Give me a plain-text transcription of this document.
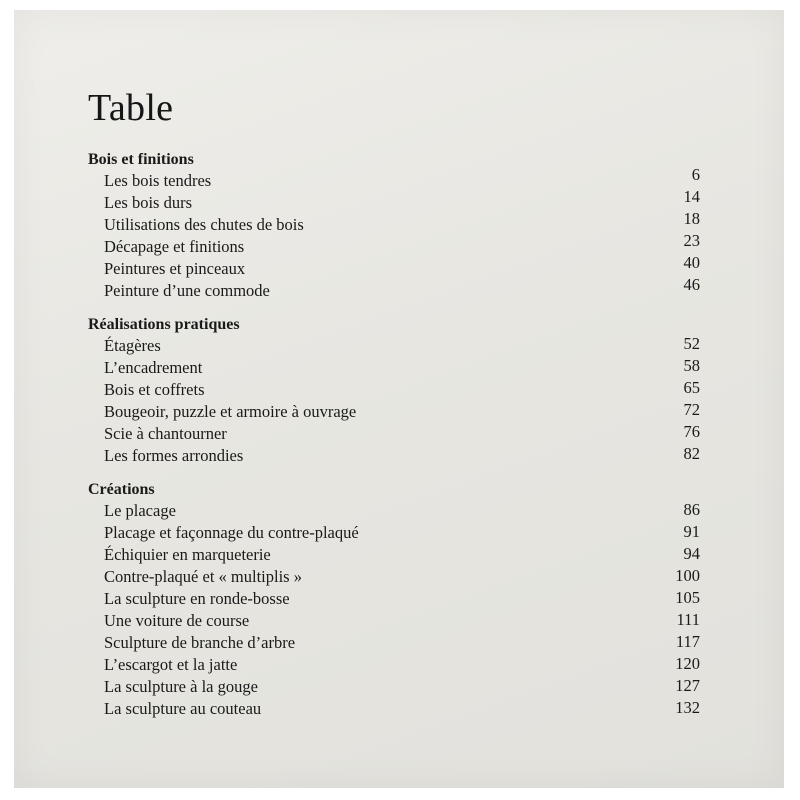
Table
Bois et finitions
Les bois tendres	6
Les bois durs	14
Utilisations des chutes de bois	18
Décapage et finitions	23
Peintures et pinceaux	40
Peinture d’une commode	46
Réalisations pratiques
Étagères	52
L’encadrement	58
Bois et coffrets	65
Bougeoir, puzzle et armoire à ouvrage	72
Scie à chantourner	76
Les formes arrondies	82
Créations
Le placage	86
Placage et façonnage du contre-plaqué	91
Échiquier en marqueterie	94
Contre-plaqué et « multiplis »	100
La sculpture en ronde-bosse	105
Une voiture de course	111
Sculpture de branche d’arbre	117
L’escargot et la jatte	120
La sculpture à la gouge	127
La sculpture au couteau	132
